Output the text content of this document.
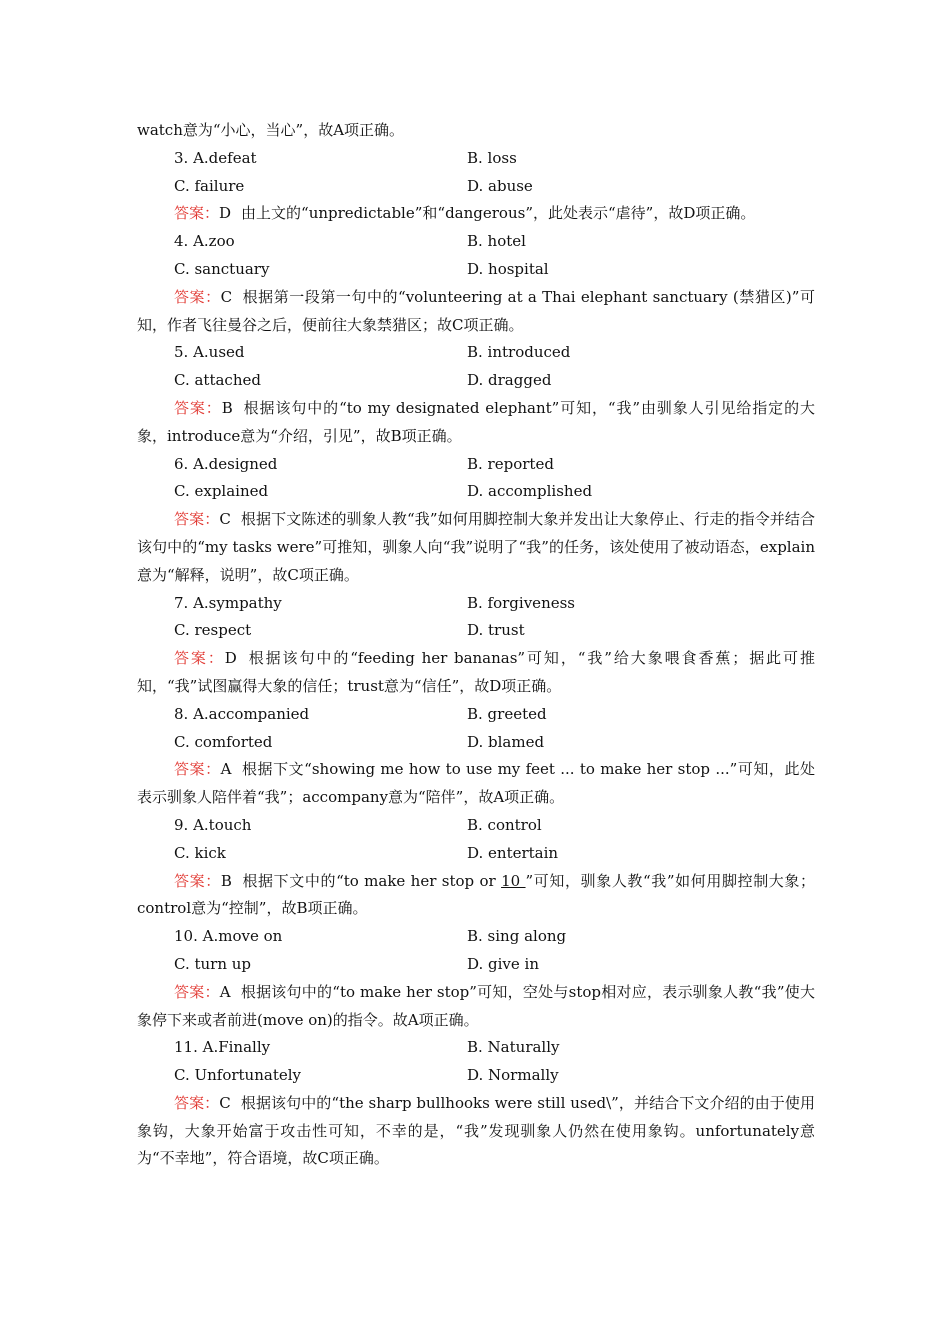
watch意为“小心，当心”，故A项正确。
3. A.defeat	B. loss
C. failure	D. abuse
答案：D 由上文的“unpredictable”和“dangerous”，此处表示“虐待”，故D项正确。
4. A.zoo	B. hotel
C. sanctuary	D. hospital
答案：C 根据第一段第一句中的“volunteering at a Thai elephant sanctuary (禁猎区)”可知，作者飞往曼谷之后，便前往大象禁猎区；故C项正确。
5. A.used	B. introduced
C. attached	D. dragged
答案：B 根据该句中的“to my designated elephant”可知，“我”由驯象人引见给指定的大象，introduce意为“介绍，引见”，故B项正确。
6. A.designed	B. reported
C. explained	D. accomplished
答案：C 根据下文陈述的驯象人教“我”如何用脚控制大象并发出让大象停止、行走的指令并结合该句中的“my tasks were”可推知，驯象人向“我”说明了“我”的任务，该处使用了被动语态，explain意为“解释，说明”，故C项正确。
7. A.sympathy	B. forgiveness
C. respect	D. trust
答案：D 根据该句中的“feeding her bananas”可知，“我”给大象喂食香蕉；据此可推知，“我”试图赢得大象的信任；trust意为“信任”，故D项正确。
8. A.accompanied	B. greeted
C. comforted	D. blamed
答案：A 根据下文“showing me how to use my feet ... to make her stop ...”可知，此处表示驯象人陪伴着“我”；accompany意为“陪伴”，故A项正确。
9. A.touch	B. control
C. kick	D. entertain
答案：B 根据下文中的“to make her stop or 10 ”可知，驯象人教“我”如何用脚控制大象；control意为“控制”，故B项正确。
10. A.move on	B. sing along
C. turn up	D. give in
答案：A 根据该句中的“to make her stop”可知，空处与stop相对应，表示驯象人教“我”使大象停下来或者前进(move on)的指令。故A项正确。
11. A.Finally	B. Naturally
C. Unfortunately	D. Normally
答案：C 根据该句中的“the sharp bullhooks were still used\”，并结合下文介绍的由于使用象钩，大象开始富于攻击性可知，不幸的是，“我”发现驯象人仍然在使用象钩。unfortunately意为“不幸地”，符合语境，故C项正确。
